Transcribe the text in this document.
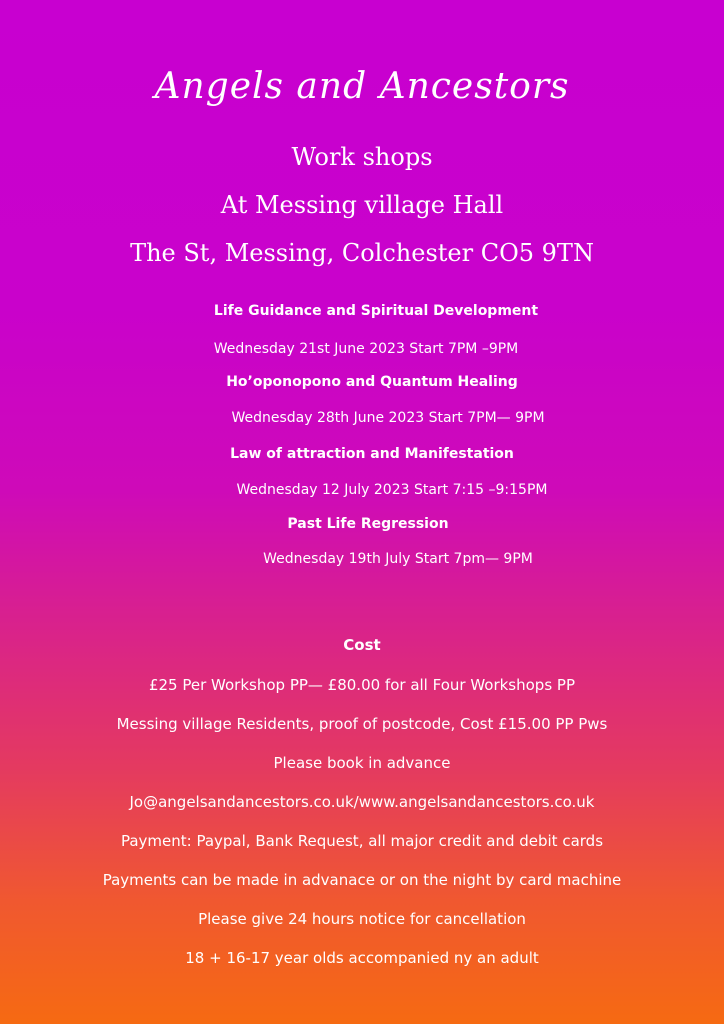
Angels and Ancestors
Work shops
At Messing village Hall
The St, Messing, Colchester CO5 9TN
Life Guidance and Spiritual Development
Wednesday 21st June 2023 Start 7PM –9PM
Ho’oponopono and Quantum Healing
Wednesday 28th June 2023 Start 7PM— 9PM
Law of attraction and Manifestation
Wednesday 12 July 2023 Start 7:15 –9:15PM
Past Life Regression
Wednesday 19th July Start 7pm— 9PM
Cost
£25 Per Workshop PP— £80.00 for all Four Workshops PP
Messing village Residents, proof of postcode, Cost £15.00 PP Pws
Please book in advance
Jo@angelsandancestors.co.uk/www.angelsandancestors.co.uk
Payment: Paypal, Bank Request, all major credit and debit cards
Payments can be made in advanace or on the night by card machine
Please give 24 hours notice for cancellation
18 + 16-17 year olds accompanied ny an adult
